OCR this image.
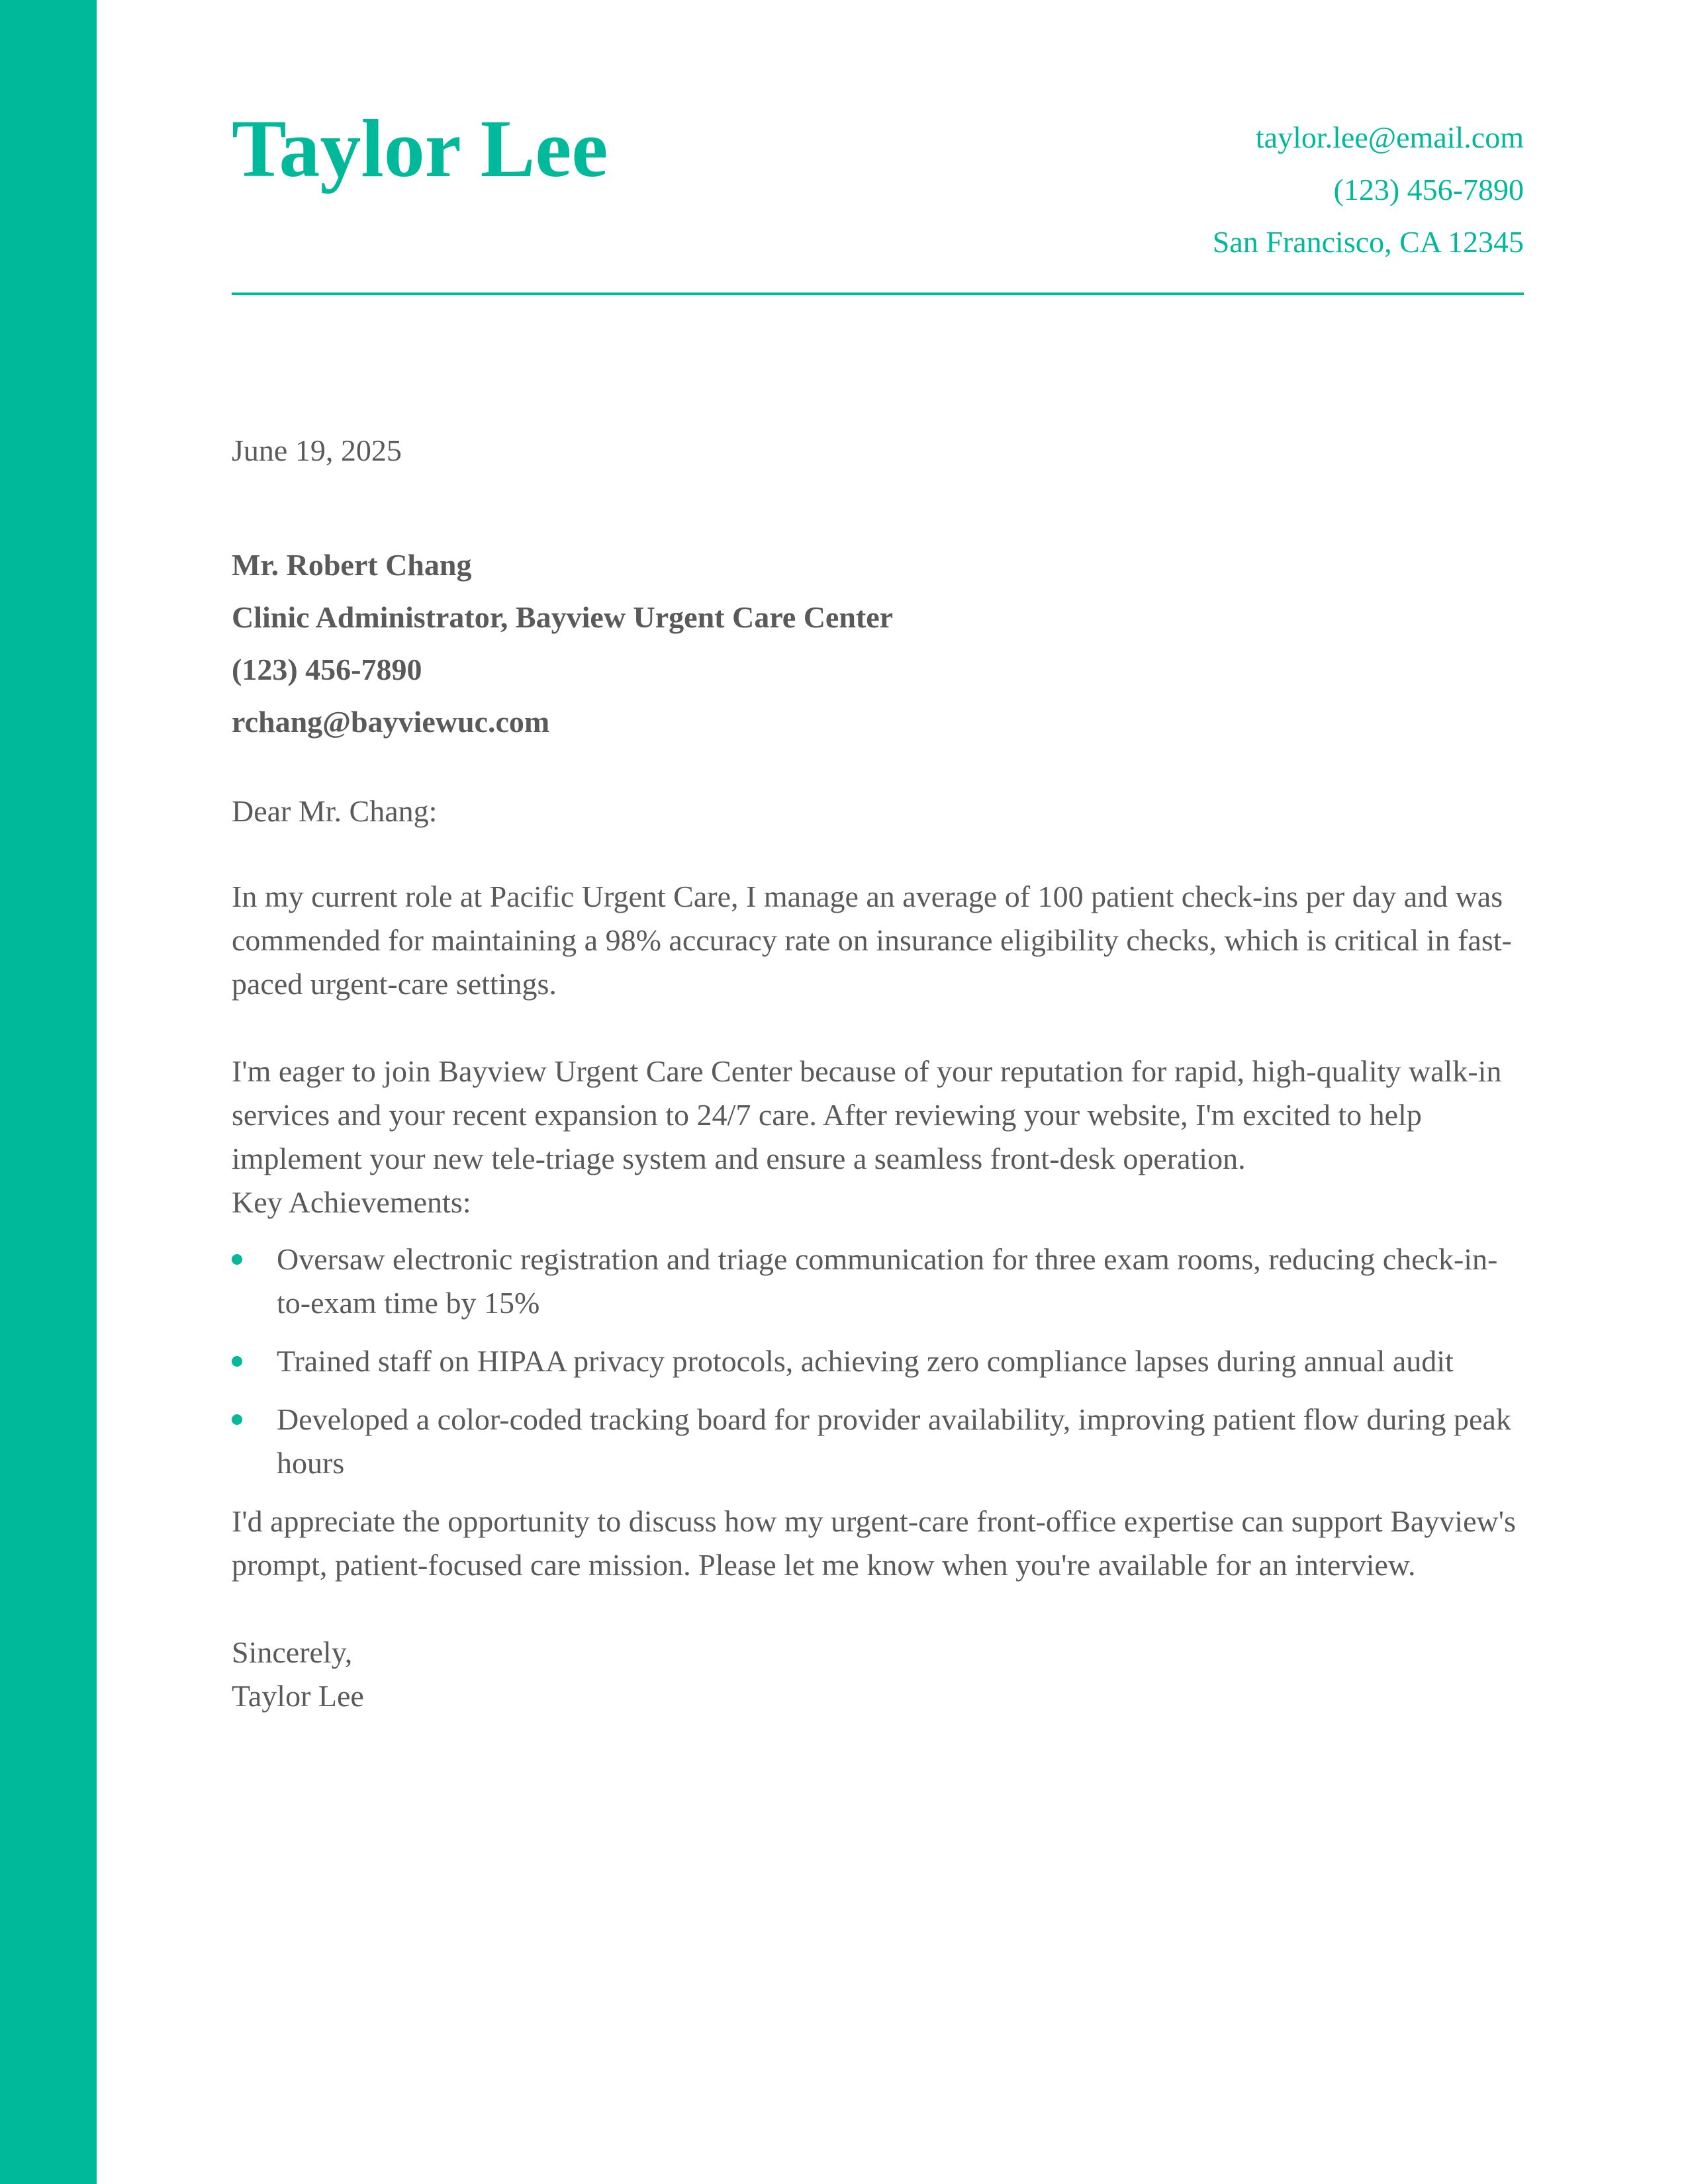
Taylor Lee	taylor.lee@email.com
(123) 456-7890
San Francisco, CA 12345

June 19, 2025

Mr. Robert Chang
Clinic Administrator, Bayview Urgent Care Center
(123) 456-7890
rchang@bayviewuc.com

Dear Mr. Chang:

In my current role at Pacific Urgent Care, I manage an average of 100 patient check-ins per day and was commended for maintaining a 98% accuracy rate on insurance eligibility checks, which is critical in fast-paced urgent-care settings.

I'm eager to join Bayview Urgent Care Center because of your reputation for rapid, high-quality walk-in services and your recent expansion to 24/7 care. After reviewing your website, I'm excited to help implement your new tele-triage system and ensure a seamless front-desk operation.

Key Achievements:

Oversaw electronic registration and triage communication for three exam rooms, reducing check-in-to-exam time by 15%
Trained staff on HIPAA privacy protocols, achieving zero compliance lapses during annual audit
Developed a color-coded tracking board for provider availability, improving patient flow during peak hours

I'd appreciate the opportunity to discuss how my urgent-care front-office expertise can support Bayview's prompt, patient-focused care mission. Please let me know when you're available for an interview.

Sincerely,
Taylor Lee
